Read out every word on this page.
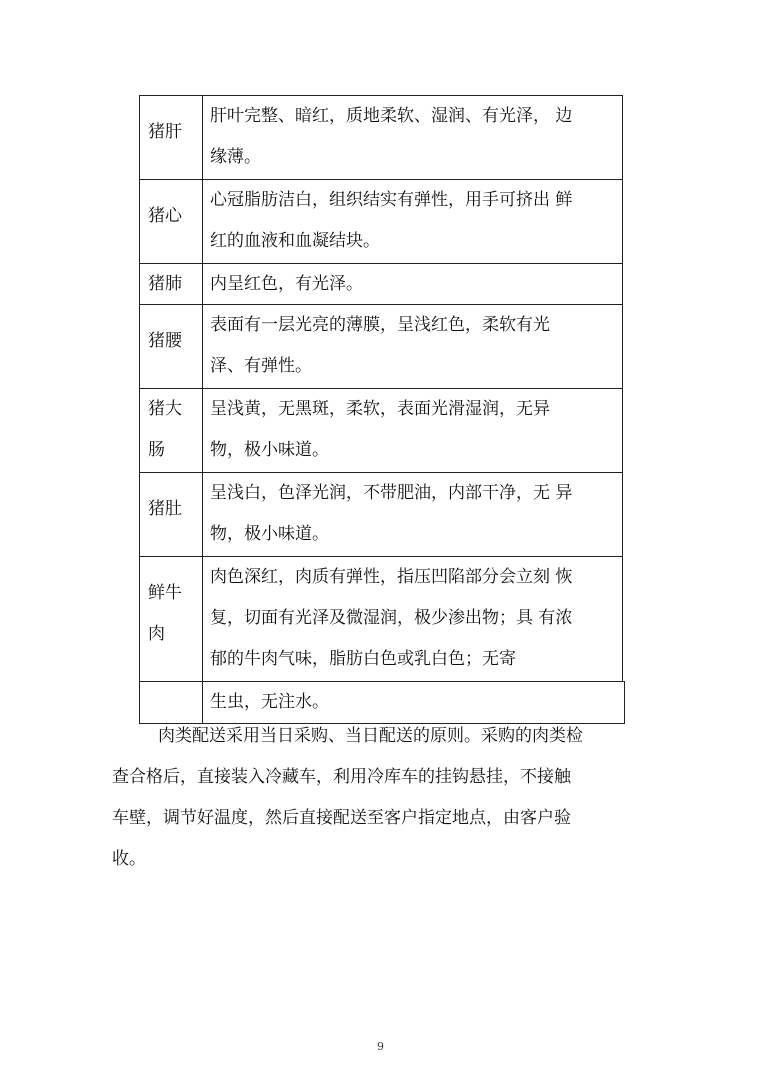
猪肝
肝叶完整、暗红，质地柔软、湿润、有光泽， 边
缘薄。
猪心
心冠脂肪洁白，组织结实有弹性，用手可挤出 鲜
红的血液和血凝结块。
猪肺	内呈红色，有光泽。
猪腰
表面有一层光亮的薄膜，呈浅红色，柔软有光
泽、有弹性。
猪大
肠
呈浅黄，无黑斑，柔软，表面光滑湿润，无异
物，极小味道。
猪肚
呈浅白，色泽光润，不带肥油，内部干净，无 异
物，极小味道。
鲜牛
肉
肉色深红，肉质有弹性，指压凹陷部分会立刻 恢
复，切面有光泽及微湿润，极少渗出物；具 有浓
郁的牛肉气味，脂肪白色或乳白色；无寄
生虫，无注水。
肉类配送采用当日采购、当日配送的原则。采购的肉类检
查合格后，直接装入冷藏车，利用冷库车的挂钩悬挂，不接触
车壁，调节好温度，然后直接配送至客户指定地点，由客户验
收。
9
